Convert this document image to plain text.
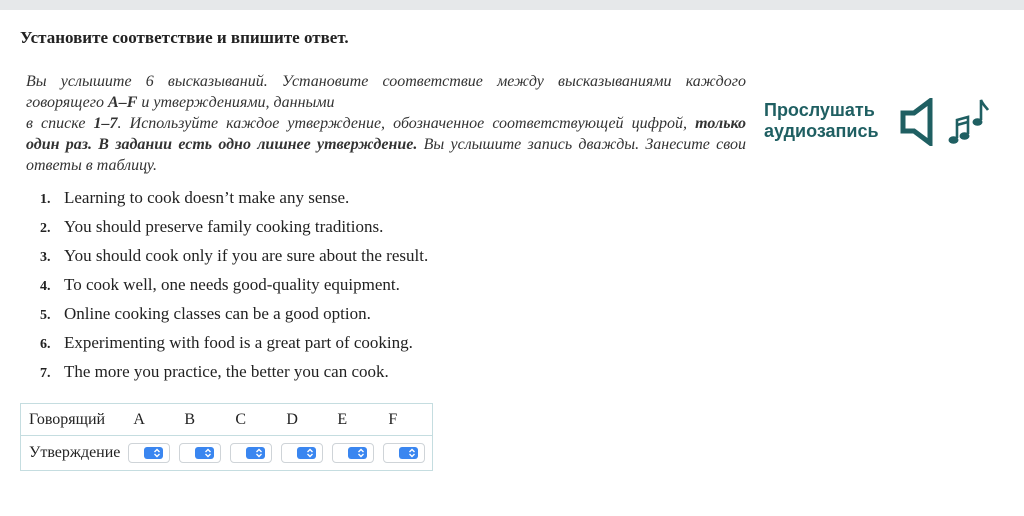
Установите соответствие и впишите ответ.
Вы услышите 6 высказываний. Установите соответствие между высказываниями каждого говорящего A–F и утверждениями, данными
в списке 1–7. Используйте каждое утверждение, обозначенное соответствующей цифрой, только один раз. В задании есть одно лишнее утверждение. Вы услышите запись дважды. Занесите свои ответы в таблицу.
Прослушать
аудиозапись
1. Learning to cook doesn’t make any sense.
2. You should preserve family cooking traditions.
3. You should cook only if you are sure about the result.
4. To cook well, one needs good-quality equipment.
5. Online cooking classes can be a good option.
6. Experimenting with food is a great part of cooking.
7. The more you practice, the better you can cook.
Говорящий	A	B	C	D	E	F
Утверждение	
